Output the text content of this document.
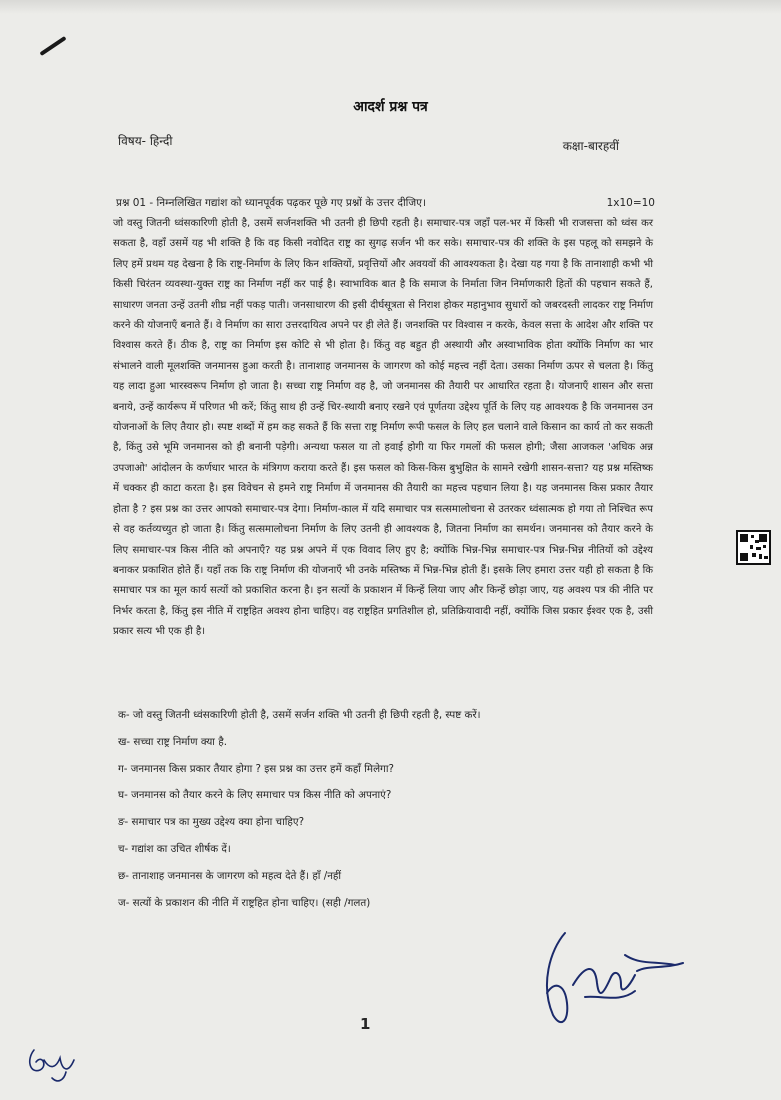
आदर्श प्रश्न पत्र
विषय- हिन्दी	कक्षा-बारहवीं
प्रश्न 01 - निम्नलिखित गद्यांश को ध्यानपूर्वक पढ़कर पूछे गए प्रश्नों के उत्तर दीजिए।	1x10=10

जो वस्तु जितनी ध्वंसकारिणी होती है, उसमें सर्जनशक्ति भी उतनी ही छिपी रहती है। समाचार-पत्र जहाँ पल-भर में किसी भी राजसत्ता को ध्वंस कर सकता है, वहाँ उसमें यह भी शक्ति है कि वह किसी नवोदित राष्ट्र का सुगढ़ सर्जन भी कर सके। समाचार-पत्र की शक्ति के इस पहलू को समझने के लिए हमें प्रथम यह देखना है कि राष्ट्र-निर्माण के लिए किन शक्तियों, प्रवृत्तियों और अवयवों की आवश्यकता है। देखा यह गया है कि तानाशाही कभी भी किसी चिरंतन व्यवस्था-युक्त राष्ट्र का निर्माण नहीं कर पाई है। स्वाभाविक बात है कि समाज के निर्माता जिन निर्माणकारी हितों की पहचान सकते हैं, साधारण जनता उन्हें उतनी शीघ्र नहीं पकड़ पाती। जनसाधारण की इसी दीर्घसूत्रता से निराश होकर महानुभाव सुधारों को जबरदस्ती लादकर राष्ट्र निर्माण करने की योजनाएँ बनाते हैं। वे निर्माण का सारा उत्तरदायित्व अपने पर ही लेते हैं। जनशक्ति पर विश्वास न करके, केवल सत्ता के आदेश और शक्ति पर विश्वास करते हैं। ठीक है, राष्ट्र का निर्माण इस कोटि से भी होता है। किंतु वह बहुत ही अस्थायी और अस्वाभाविक होता क्योंकि निर्माण का भार संभालने वाली मूलशक्ति जनमानस हुआ करती है। तानाशाह जनमानस के जागरण को कोई महत्त्व नहीं देता। उसका निर्माण ऊपर से चलता है। किंतु यह लादा हुआ भारस्वरूप निर्माण हो जाता है। सच्चा राष्ट्र निर्माण वह है, जो जनमानस की तैयारी पर आधारित रहता है। योजनाएँ शासन और सत्ता बनाये, उन्हें कार्यरूप में परिणत भी करें; किंतु साथ ही उन्हें चिर-स्थायी बनाए रखने एवं पूर्णतया उद्देश्य पूर्ति के लिए यह आवश्यक है कि जनमानस उन योजनाओं के लिए तैयार हो। स्पष्ट शब्दों में हम कह सकते हैं कि सत्ता राष्ट्र निर्माण रूपी फसल के लिए हल चलाने वाले किसान का कार्य तो कर सकती है, किंतु उसे भूमि जनमानस को ही बनानी पड़ेगी। अन्यथा फसल या तो हवाई होगी या फिर गमलों की फसल होगी; जैसा आजकल 'अधिक अन्न उपजाओ' आंदोलन के कर्णधार भारत के मंत्रिगण कराया करते हैं। इस फसल को किस-किस बुभुक्षित के सामने रखेगी शासन-सत्ता? यह प्रश्न मस्तिष्क में चक्कर ही काटा करता है। इस विवेचन से हमने राष्ट्र निर्माण में जनमानस की तैयारी का महत्त्व पहचान लिया है। यह जनमानस किस प्रकार तैयार होता है ? इस प्रश्न का उत्तर आपको समाचार-पत्र देगा। निर्माण-काल में यदि समाचार पत्र सत्समालोचना से उतरकर ध्वंसात्मक हो गया तो निश्चित रूप से वह कर्तव्यच्युत हो जाता है। किंतु सत्समालोचना निर्माण के लिए उतनी ही आवश्यक है, जितना निर्माण का समर्थन। जनमानस को तैयार करने के लिए समाचार-पत्र किस नीति को अपनाएँ? यह प्रश्न अपने में एक विवाद लिए हुए है; क्योंकि भिन्न-भिन्न समाचार-पत्र भिन्न-भिन्न नीतियों को उद्देश्य बनाकर प्रकाशित होते हैं। यहाँ तक कि राष्ट्र निर्माण की योजनाएँ भी उनके मस्तिष्क में भिन्न-भिन्न होती हैं। इसके लिए हमारा उत्तर यही हो सकता है कि समाचार पत्र का मूल कार्य सत्यों को प्रकाशित करना है। इन सत्यों के प्रकाशन में किन्हें लिया जाए और किन्हें छोड़ा जाए, यह अवश्य पत्र की नीति पर निर्भर करता है, किंतु इस नीति में राष्ट्रहित अवश्य होना चाहिए। वह राष्ट्रहित प्रगतिशील हो, प्रतिक्रियावादी नहीं, क्योंकि जिस प्रकार ईश्वर एक है, उसी प्रकार सत्य भी एक ही है।

क- जो वस्तु जितनी ध्वंसकारिणी होती है, उसमें सर्जन शक्ति भी उतनी ही छिपी रहती है, स्पष्ट करें।
ख- सच्चा राष्ट्र निर्माण क्या है.
ग- जनमानस किस प्रकार तैयार होगा ? इस प्रश्न का उत्तर हमें कहाँ मिलेगा?
घ- जनमानस को तैयार करने के लिए समाचार पत्र किस नीति को अपनाएं?
ङ- समाचार पत्र का मुख्य उद्देश्य क्या होना चाहिए?
च- गद्यांश का उचित शीर्षक दें।
छ- तानाशाह जनमानस के जागरण को महत्व देते हैं। हाँ /नहीं
ज- सत्यों के प्रकाशन की नीति में राष्ट्रहित होना चाहिए। (सही /गलत)
1
